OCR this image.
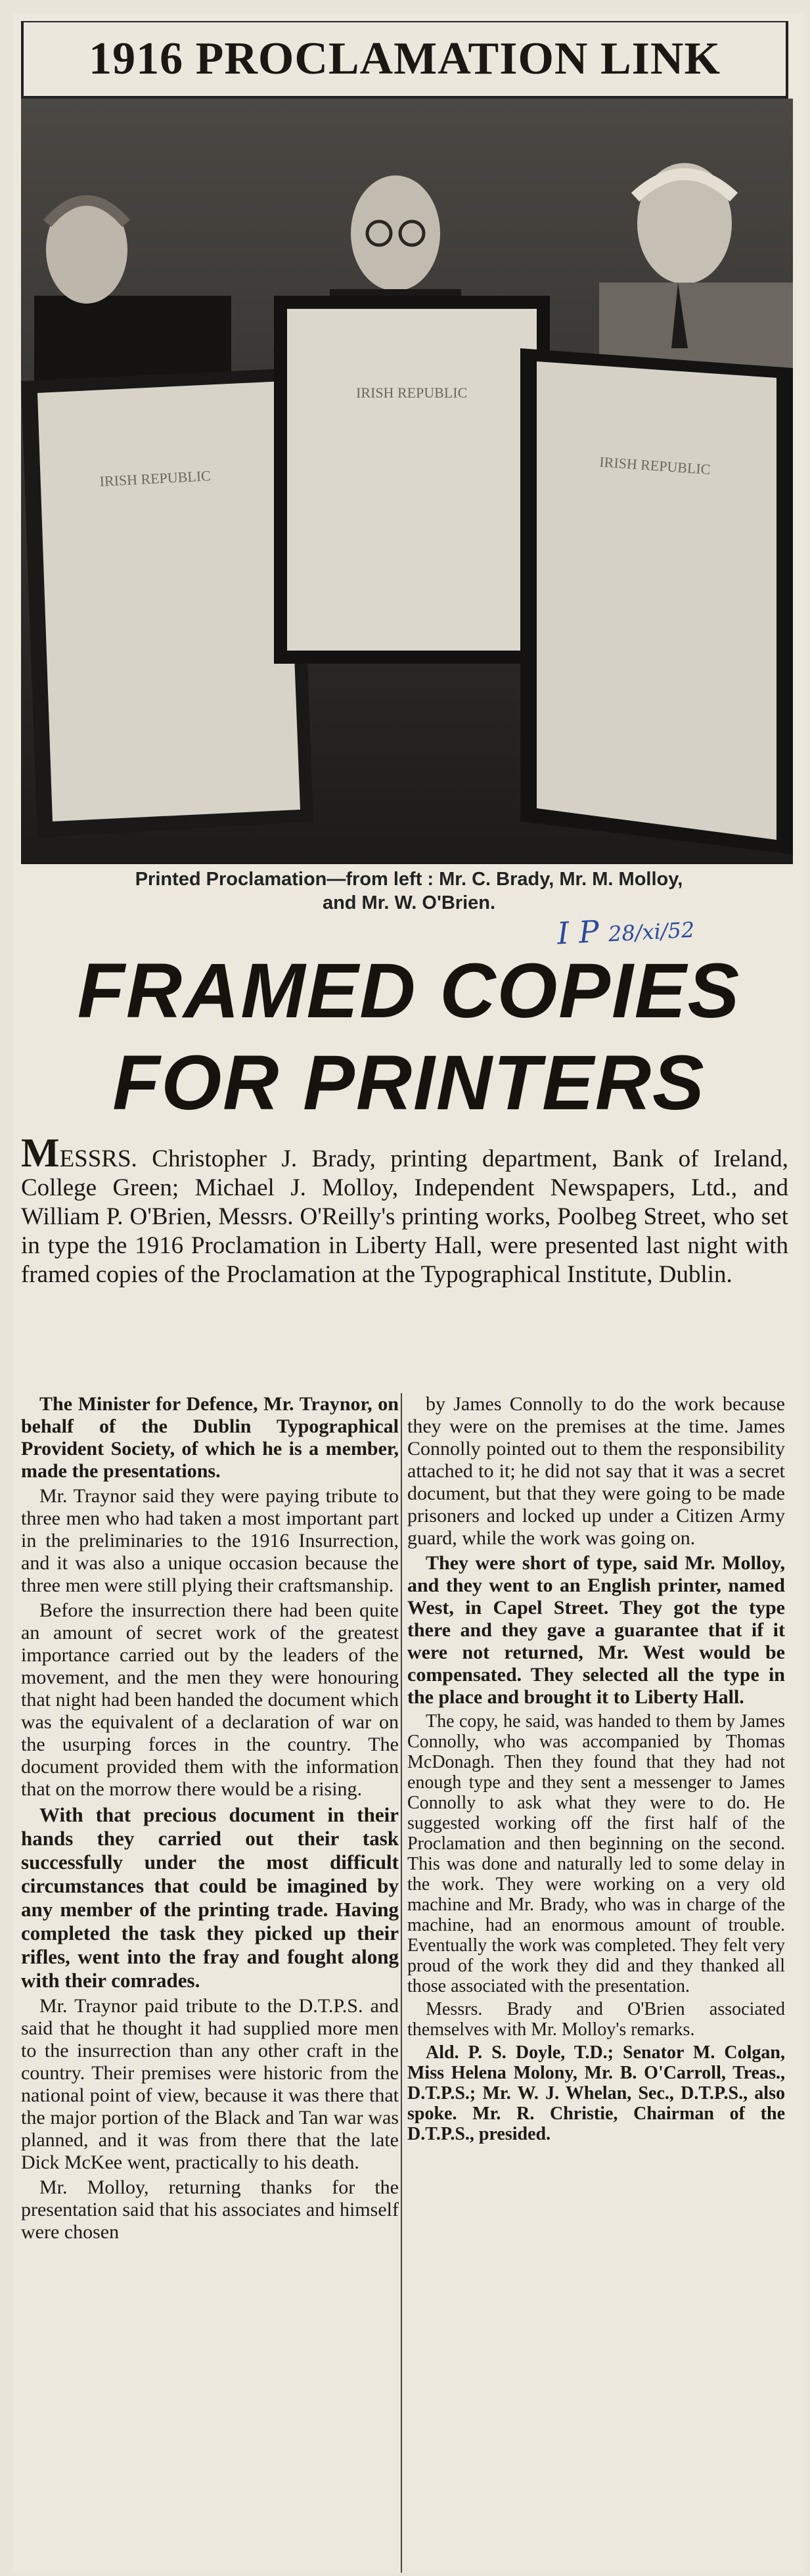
1916 PROCLAMATION LINK
IRISH REPUBLIC
IRISH REPUBLIC
IRISH REPUBLIC
Printed Proclamation—from left : Mr. C. Brady, Mr. M. Molloy,
and Mr. W. O'Brien.
I P 28/xi/52
FRAMED COPIES
FOR PRINTERS
MESSRS. Christopher J. Brady, printing department, Bank of Ireland, College Green; Michael J. Molloy, Independent Newspapers, Ltd., and William P. O'Brien, Messrs. O'Reilly's printing works, Poolbeg Street, who set in type the 1916 Proclamation in Liberty Hall, were presented last night with framed copies of the Proclamation at the Typographical Institute, Dublin.

The Minister for Defence, Mr. Traynor, on behalf of the Dublin Typographical Provident Society, of which he is a member, made the presentations.

Mr. Traynor said they were paying tribute to three men who had taken a most important part in the preliminaries to the 1916 Insurrection, and it was also a unique occasion because the three men were still plying their craftsmanship.

Before the insurrection there had been quite an amount of secret work of the greatest importance carried out by the leaders of the movement, and the men they were honouring that night had been handed the document which was the equivalent of a declaration of war on the usurping forces in the country. The document provided them with the information that on the morrow there would be a rising.

With that precious document in their hands they carried out their task successfully under the most difficult circumstances that could be imagined by any member of the printing trade. Having completed the task they picked up their rifles, went into the fray and fought along with their comrades.

Mr. Traynor paid tribute to the D.T.P.S. and said that he thought it had supplied more men to the insurrection than any other craft in the country. Their premises were historic from the national point of view, because it was there that the major portion of the Black and Tan war was planned, and it was from there that the late Dick McKee went, practically to his death.

Mr. Molloy, returning thanks for the presentation said that his associates and himself were chosen

by James Connolly to do the work because they were on the premises at the time. James Connolly pointed out to them the responsibility attached to it; he did not say that it was a secret document, but that they were going to be made prisoners and locked up under a Citizen Army guard, while the work was going on.

They were short of type, said Mr. Molloy, and they went to an English printer, named West, in Capel Street. They got the type there and they gave a guarantee that if it were not returned, Mr. West would be compensated. They selected all the type in the place and brought it to Liberty Hall.

The copy, he said, was handed to them by James Connolly, who was accompanied by Thomas McDonagh. Then they found that they had not enough type and they sent a messenger to James Connolly to ask what they were to do. He suggested working off the first half of the Proclamation and then beginning on the second. This was done and naturally led to some delay in the work. They were working on a very old machine and Mr. Brady, who was in charge of the machine, had an enormous amount of trouble. Eventually the work was completed. They felt very proud of the work they did and they thanked all those associated with the presentation.

Messrs. Brady and O'Brien associated themselves with Mr. Molloy's remarks.

Ald. P. S. Doyle, T.D.; Senator M. Colgan, Miss Helena Molony, Mr. B. O'Carroll, Treas., D.T.P.S.; Mr. W. J. Whelan, Sec., D.T.P.S., also spoke. Mr. R. Christie, Chairman of the D.T.P.S., presided.
